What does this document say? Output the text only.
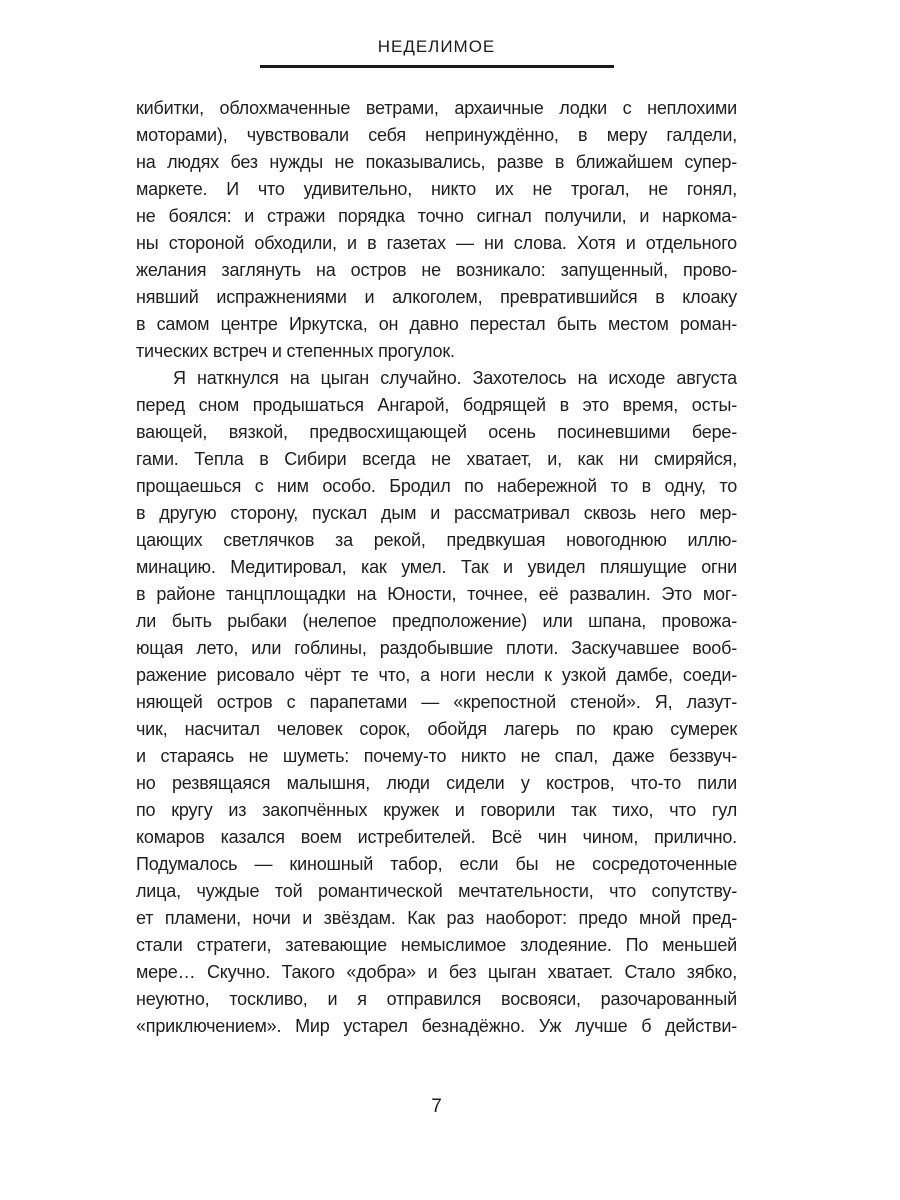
НЕДЕЛИМОЕ
кибитки, облохмаченные ветрами, архаичные лодки с неплохими
моторами), чувствовали себя непринуждённо, в меру галдели,
на людях без нужды не показывались, разве в ближайшем супер-
маркете. И что удивительно, никто их не трогал, не гонял,
не боялся: и стражи порядка точно сигнал получили, и наркома-
ны стороной обходили, и в газетах — ни слова. Хотя и отдельного
желания заглянуть на остров не возникало: запущенный, прово-
нявший испражнениями и алкоголем, превратившийся в клоаку
в самом центре Иркутска, он давно перестал быть местом роман-
тических встреч и степенных прогулок.
Я наткнулся на цыган случайно. Захотелось на исходе августа
перед сном продышаться Ангарой, бодрящей в это время, осты-
вающей, вязкой, предвосхищающей осень посиневшими бере-
гами. Тепла в Сибири всегда не хватает, и, как ни смиряйся,
прощаешься с ним особо. Бродил по набережной то в одну, то
в другую сторону, пускал дым и рассматривал сквозь него мер-
цающих светлячков за рекой, предвкушая новогоднюю иллю-
минацию. Медитировал, как умел. Так и увидел пляшущие огни
в районе танцплощадки на Юности, точнее, её развалин. Это мог-
ли быть рыбаки (нелепое предположение) или шпана, провожа-
ющая лето, или гоблины, раздобывшие плоти. Заскучавшее вооб-
ражение рисовало чёрт те что, а ноги несли к узкой дамбе, соеди-
няющей остров с парапетами — «крепостной стеной». Я, лазут-
чик, насчитал человек сорок, обойдя лагерь по краю сумерек
и стараясь не шуметь: почему-то никто не спал, даже беззвуч-
но резвящаяся малышня, люди сидели у костров, что-то пили
по кругу из закопчённых кружек и говорили так тихо, что гул
комаров казался воем истребителей. Всё чин чином, прилично.
Подумалось — киношный табор, если бы не сосредоточенные
лица, чуждые той романтической мечтательности, что сопутству-
ет пламени, ночи и звёздам. Как раз наоборот: предо мной пред-
стали стратеги, затевающие немыслимое злодеяние. По меньшей
мере… Скучно. Такого «добра» и без цыган хватает. Стало зябко,
неуютно, тоскливо, и я отправился восвояси, разочарованный
«приключением». Мир устарел безнадёжно. Уж лучше б действи-
7
